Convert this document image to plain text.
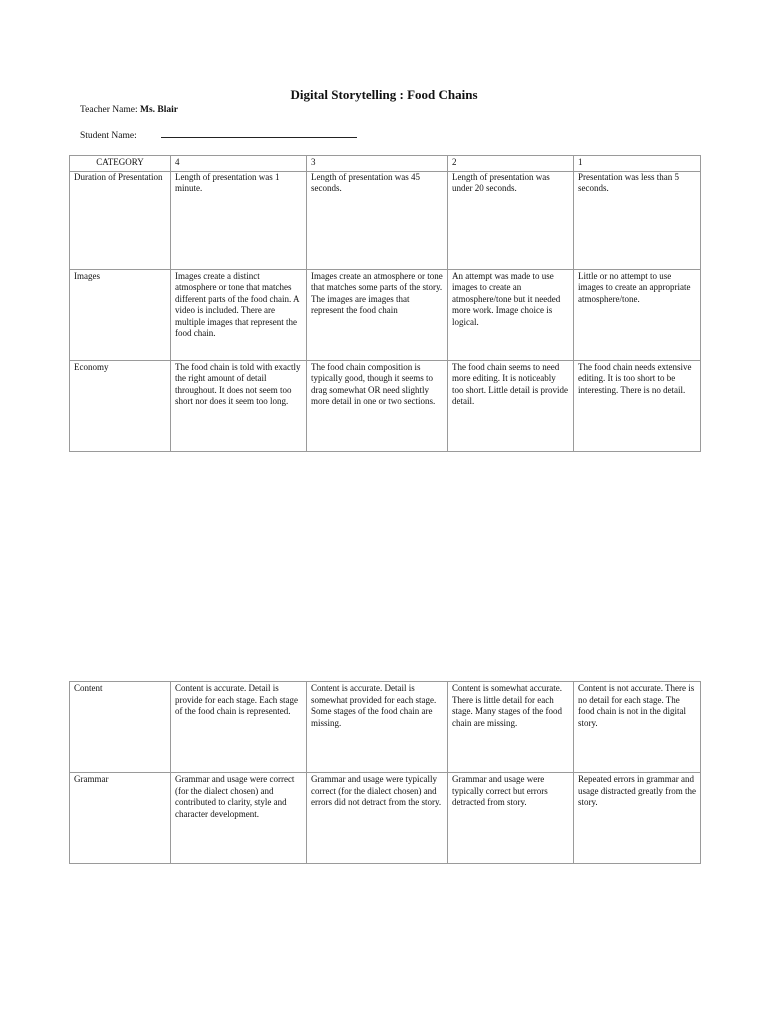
Digital Storytelling : Food Chains
Teacher Name: Ms. Blair
Student Name:
CATEGORY	4	3	2	1
Duration of Presentation	Length of presentation was 1 minute.	Length of presentation was 45 seconds.	Length of presentation was under 20 seconds.	Presentation was less than 5 seconds.
Images	Images create a distinct atmosphere or tone that matches different parts of the food chain. A video is included. There are multiple images that represent the food chain.	Images create an atmosphere or tone that matches some parts of the story. The images are images that represent the food chain	An attempt was made to use images to create an atmosphere/tone but it needed more work. Image choice is logical.	Little or no attempt to use images to create an appropriate atmosphere/tone.
Economy	The food chain is told with exactly the right amount of detail throughout. It does not seem too short nor does it seem too long.	The food chain composition is typically good, though it seems to drag somewhat OR need slightly more detail in one or two sections.	The food chain seems to need more editing. It is noticeably too short. Little detail is provide detail.	The food chain needs extensive editing. It is too short to be interesting. There is no detail.
Content	Content is accurate. Detail is provide for each stage. Each stage of the food chain is represented.	Content is accurate. Detail is somewhat provided for each stage. Some stages of the food chain are missing.	Content is somewhat accurate. There is little detail for each stage. Many stages of the food chain are missing.	Content is not accurate. There is no detail for each stage. The food chain is not in the digital story.
Grammar	Grammar and usage were correct (for the dialect chosen) and contributed to clarity, style and character development.	Grammar and usage were typically correct (for the dialect chosen) and errors did not detract from the story.	Grammar and usage were typically correct but errors detracted from story.	Repeated errors in grammar and usage distracted greatly from the story.
